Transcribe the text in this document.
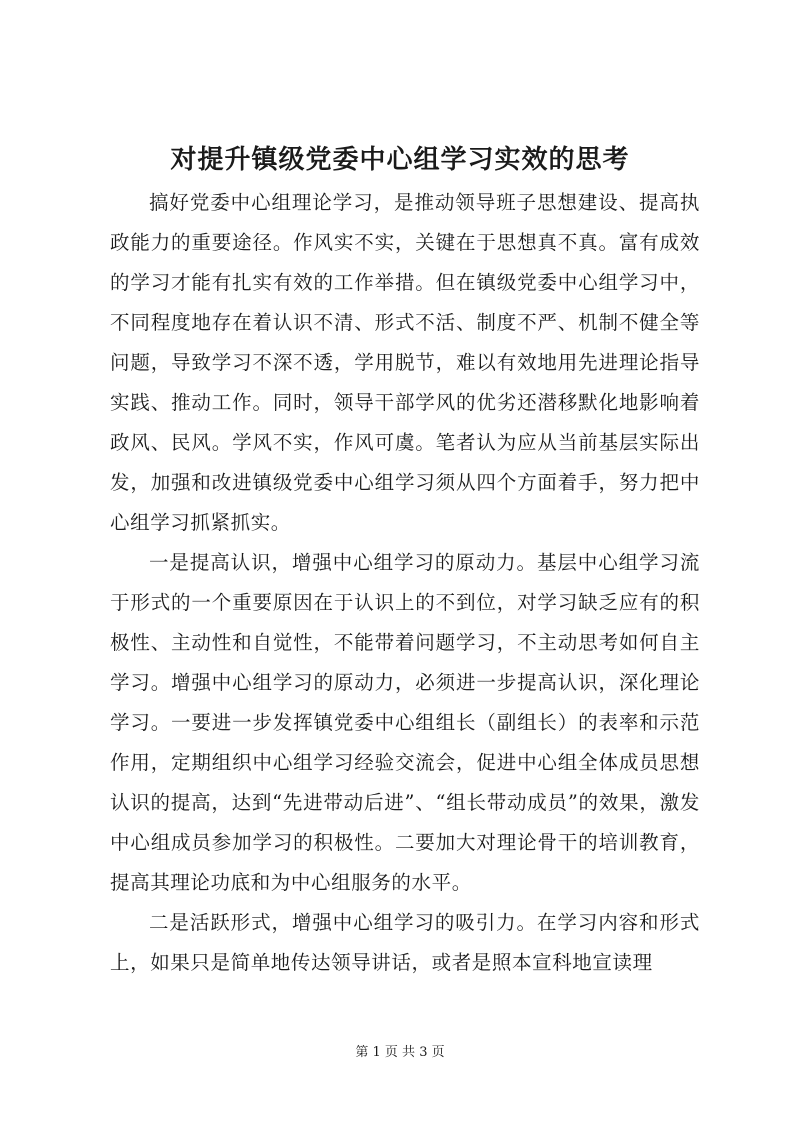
对提升镇级党委中心组学习实效的思考

搞好党委中心组理论学习，是推动领导班子思想建设、提高执政能力的重要途径。作风实不实，关键在于思想真不真。富有成效的学习才能有扎实有效的工作举措。但在镇级党委中心组学习中，不同程度地存在着认识不清、形式不活、制度不严、机制不健全等问题，导致学习不深不透，学用脱节，难以有效地用先进理论指导实践、推动工作。同时，领导干部学风的优劣还潜移默化地影响着政风、民风。学风不实，作风可虞。笔者认为应从当前基层实际出发，加强和改进镇级党委中心组学习须从四个方面着手，努力把中心组学习抓紧抓实。

一是提高认识，增强中心组学习的原动力。基层中心组学习流于形式的一个重要原因在于认识上的不到位，对学习缺乏应有的积极性、主动性和自觉性，不能带着问题学习，不主动思考如何自主学习。增强中心组学习的原动力，必须进一步提高认识，深化理论学习。一要进一步发挥镇党委中心组组长（副组长）的表率和示范作用，定期组织中心组学习经验交流会，促进中心组全体成员思想认识的提高，达到“先进带动后进”、“组长带动成员”的效果，激发中心组成员参加学习的积极性。二要加大对理论骨干的培训教育，提高其理论功底和为中心组服务的水平。

二是活跃形式，增强中心组学习的吸引力。在学习内容和形式上，如果只是简单地传达领导讲话，或者是照本宣科地宣读理

第 1 页 共 3 页
